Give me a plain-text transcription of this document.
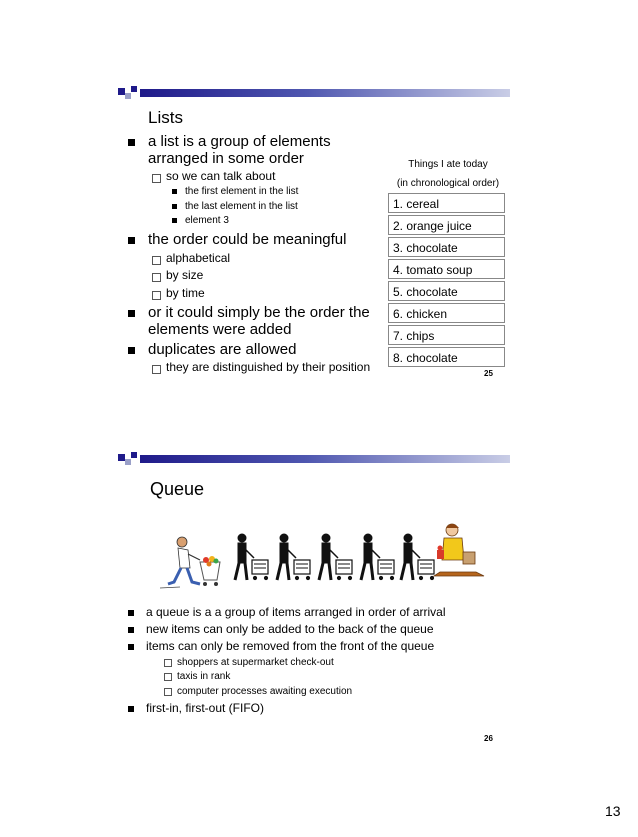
Lists
a list is a group of elements
arranged in some order
so we can talk about
the first element in the list
the last element in the list
element 3
the order could be meaningful
alphabetical
by size
by time
or it could simply be the order the
elements were added
duplicates are allowed
they are distinguished by their position
Things I ate today
(in chronological order)
1. cereal
2. orange juice
3. chocolate
4. tomato soup
5. chocolate
6. chicken
7. chips
8. chocolate
25
Queue
a queue is a a group of items arranged in order of arrival
new items can only be added to the back of the queue
items can only be removed from the front of the queue
shoppers at supermarket check-out
taxis in rank
computer processes awaiting execution
first-in, first-out (FIFO)
26
13
